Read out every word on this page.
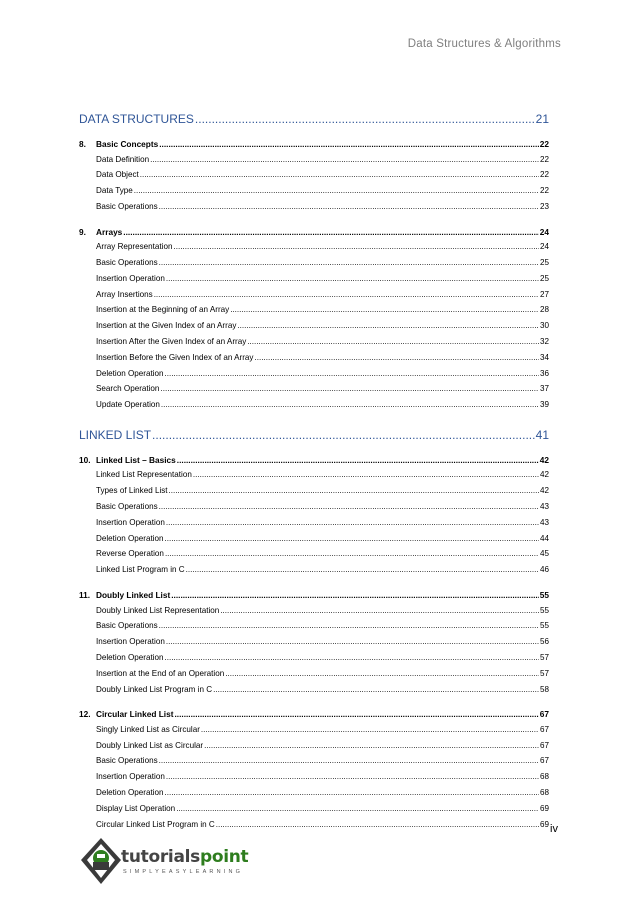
Data Structures & Algorithms
DATA STRUCTURES .....	21
8.	Basic Concepts .....	22
Data Definition .....	22
Data Object .....	22
Data Type .....	22
Basic Operations .....	23
9.	Arrays .....	24
Array Representation .....	24
Basic Operations .....	25
Insertion Operation .....	25
Array Insertions .....	27
Insertion at the Beginning of an Array .....	28
Insertion at the Given Index of an Array .....	30
Insertion After the Given Index of an Array .....	32
Insertion Before the Given Index of an Array .....	34
Deletion Operation .....	36
Search Operation .....	37
Update Operation .....	39
LINKED LIST .....	41
10. Linked List – Basics .....	42
Linked List Representation .....	42
Types of Linked List .....	42
Basic Operations .....	43
Insertion Operation .....	43
Deletion Operation .....	44
Reverse Operation .....	45
Linked List Program in C .....	46
11. Doubly Linked List .....	55
Doubly Linked List Representation .....	55
Basic Operations .....	55
Insertion Operation .....	56
Deletion Operation .....	57
Insertion at the End of an Operation .....	57
Doubly Linked List Program in C .....	58
12. Circular Linked List .....	67
Singly Linked List as Circular .....	67
Doubly Linked List as Circular .....	67
Basic Operations .....	67
Insertion Operation .....	68
Deletion Operation .....	68
Display List Operation .....	69
Circular Linked List Program in C .....	69 iv
tutorialspoint
SIMPLYEASYLEARNING
